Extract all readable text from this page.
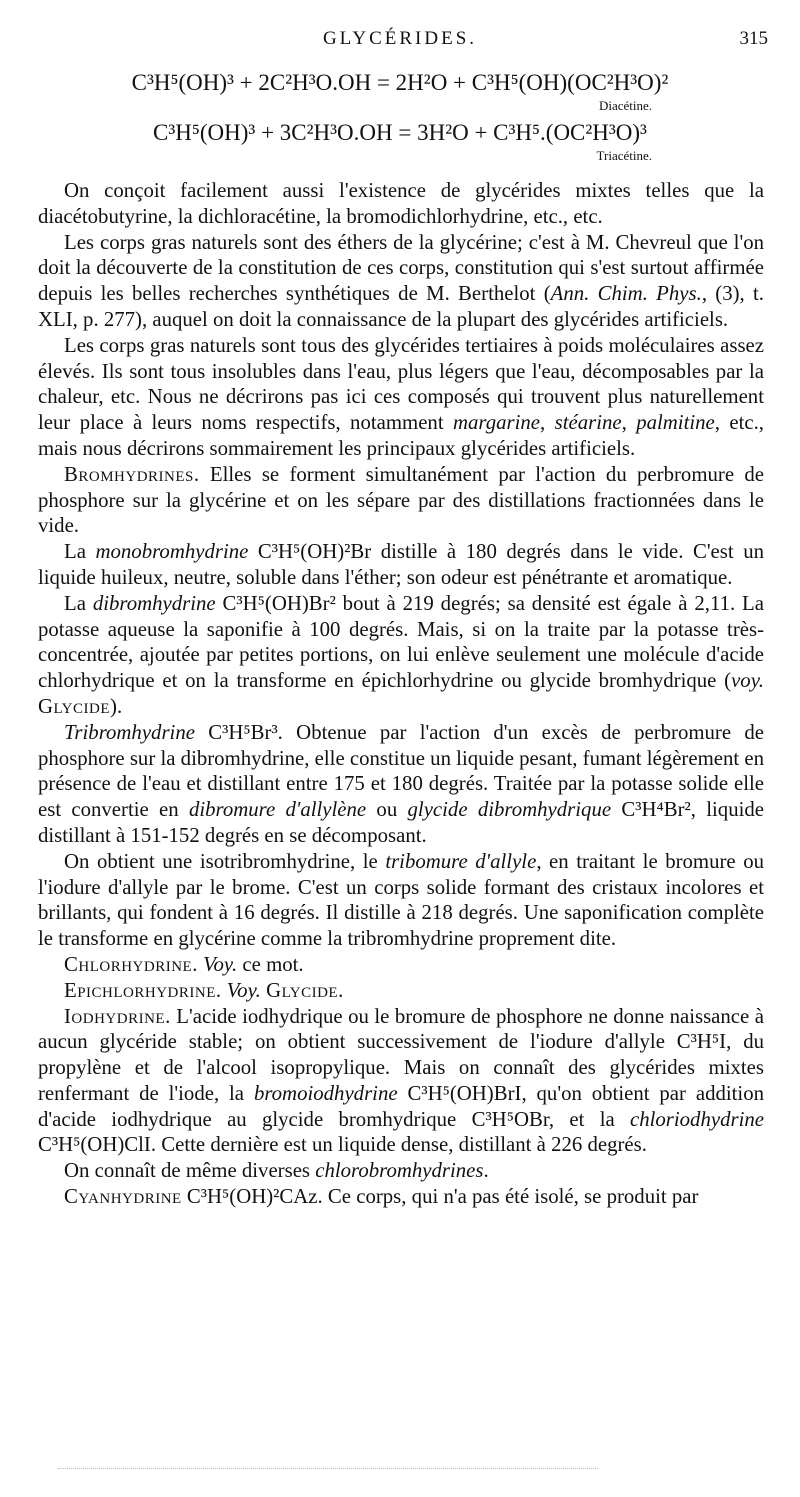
GLYCÉRIDES.	315
C³H⁵(OH)³ + 2C²H³O.OH = 2H²O + C³H⁵(OH)(OC²H³O)²
Diacétine.
C³H⁵(OH)³ + 3C²H³O.OH = 3H²O + C³H⁵.(OC²H³O)³
Triacétine.

On conçoit facilement aussi l'existence de glycérides mixtes telles que la diacétobutyrine, la dichloracétine, la bromodichlorhydrine, etc., etc.

Les corps gras naturels sont des éthers de la glycérine; c'est à M. Chevreul que l'on doit la découverte de la constitution de ces corps, constitution qui s'est surtout affirmée depuis les belles recherches synthétiques de M. Berthelot (Ann. Chim. Phys., (3), t. XLI, p. 277), auquel on doit la connaissance de la plupart des glycérides artificiels.

Les corps gras naturels sont tous des glycérides tertiaires à poids moléculaires assez élevés. Ils sont tous insolubles dans l'eau, plus légers que l'eau, décomposables par la chaleur, etc. Nous ne décrirons pas ici ces composés qui trouvent plus naturellement leur place à leurs noms respectifs, notamment margarine, stéarine, palmitine, etc., mais nous décrirons sommairement les principaux glycérides artificiels.

Bromhydrines. Elles se forment simultanément par l'action du perbromure de phosphore sur la glycérine et on les sépare par des distillations fractionnées dans le vide.

La monobromhydrine C³H⁵(OH)²Br distille à 180 degrés dans le vide. C'est un liquide huileux, neutre, soluble dans l'éther; son odeur est pénétrante et aromatique.

La dibromhydrine C³H⁵(OH)Br² bout à 219 degrés; sa densité est égale à 2,11. La potasse aqueuse la saponifie à 100 degrés. Mais, si on la traite par la potasse très-concentrée, ajoutée par petites portions, on lui enlève seulement une molécule d'acide chlorhydrique et on la transforme en épichlorhydrine ou glycide bromhydrique (voy. Glycide).

Tribromhydrine C³H⁵Br³. Obtenue par l'action d'un excès de perbromure de phosphore sur la dibromhydrine, elle constitue un liquide pesant, fumant légèrement en présence de l'eau et distillant entre 175 et 180 degrés. Traitée par la potasse solide elle est convertie en dibromure d'allylène ou glycide dibromhydrique C³H⁴Br², liquide distillant à 151-152 degrés en se décomposant.

On obtient une isotribromhydrine, le tribomure d'allyle, en traitant le bromure ou l'iodure d'allyle par le brome. C'est un corps solide formant des cristaux incolores et brillants, qui fondent à 16 degrés. Il distille à 218 degrés. Une saponification complète le transforme en glycérine comme la tribromhydrine proprement dite.

Chlorhydrine. Voy. ce mot.

Epichlorhydrine. Voy. Glycide.

Iodhydrine. L'acide iodhydrique ou le bromure de phosphore ne donne naissance à aucun glycéride stable; on obtient successivement de l'iodure d'allyle C³H⁵I, du propylène et de l'alcool isopropylique. Mais on connaît des glycérides mixtes renfermant de l'iode, la bromoiodhydrine C³H⁵(OH)BrI, qu'on obtient par addition d'acide iodhydrique au glycide bromhydrique C³H⁵OBr, et la chloriodhydrine C³H⁵(OH)ClI. Cette dernière est un liquide dense, distillant à 226 degrés.

On connaît de même diverses chlorobromhydrines.

Cyanhydrine C³H⁵(OH)²CAz. Ce corps, qui n'a pas été isolé, se produit par
